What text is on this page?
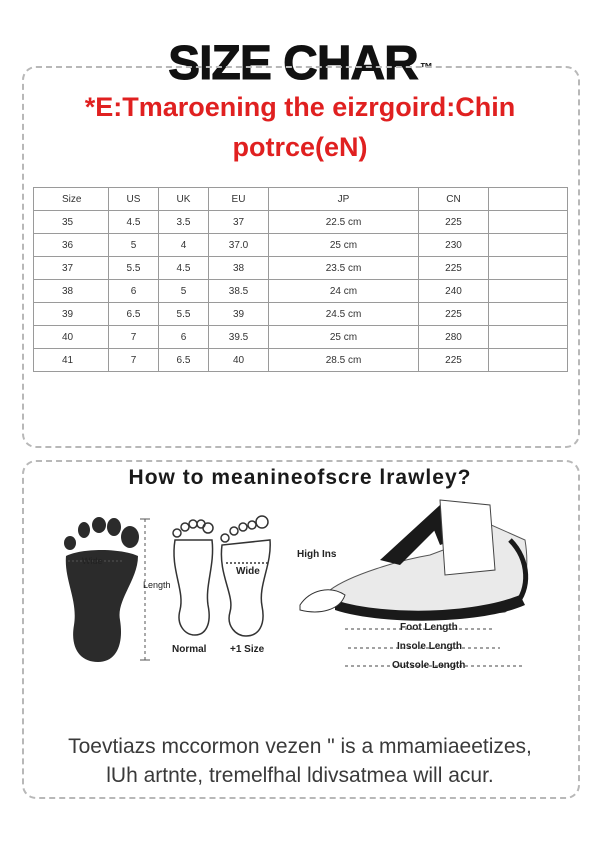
SIZE CHAR ™
*E:Tmaroening the eizrgoird:Chin
potrce(eN)
Size	US	UK	EU	JP	CN	
35	4.5	3.5	37	22.5 cm	225	
36	5	4	37.0	25 cm	230	
37	5.5	4.5	38	23.5 cm	225	
38	6	5	38.5	24 cm	240	
39	6.5	5.5	39	24.5 cm	225	
40	7	6	39.5	25 cm	280	
41	7	6.5	40	28.5 cm	225	
How to meanineofscre lrawley?
Wide
Length
Wide
Normal +1 Size
High Ins
Foot Length
Insole Length
Outsole Length
Toevtiazs mccormon vezen " is a mmamiaeetizes,
lUh artnte, tremelfhal ldivsatmea will acur.
